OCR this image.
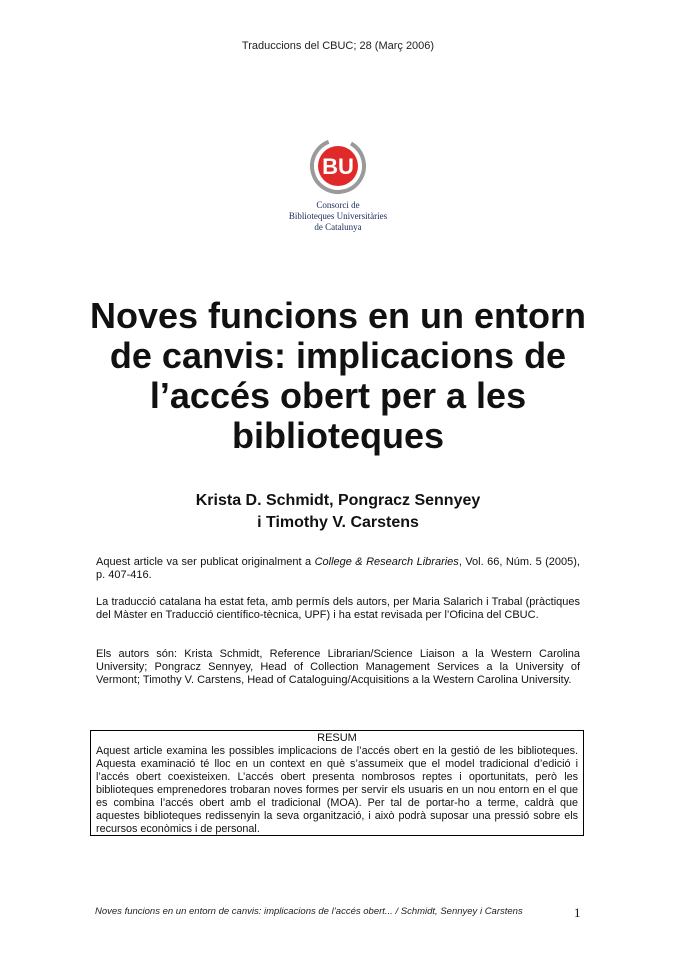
Traduccions del CBUC; 28 (Març 2006)
BU
Consorci de
Biblioteques Universitàries
de Catalunya
Noves funcions en un entorn
de canvis: implicacions de
l’accés obert per a les
biblioteques
Krista D. Schmidt, Pongracz Sennyey
i Timothy V. Carstens
Aquest article va ser publicat originalment a College & Research Libraries, Vol. 66, Núm. 5 (2005), p. 407-416.
La traducció catalana ha estat feta, amb permís dels autors, per Maria Salarich i Trabal (pràctiques del Màster en Traducció científico-tècnica, UPF) i ha estat revisada per l’Oficina del CBUC.
Els autors són: Krista Schmidt, Reference Librarian/Science Liaison a la Western Carolina University; Pongracz Sennyey, Head of Collection Management Services a la University of Vermont; Timothy V. Carstens, Head of Cataloguing/Acquisitions a la Western Carolina University.
RESUM
Aquest article examina les possibles implicacions de l’accés obert en la gestió de les biblioteques. Aquesta examinació té lloc en un context en què s’assumeix que el model tradicional d’edició i l’accés obert coexisteixen. L’accés obert presenta nombrosos reptes i oportunitats, però les biblioteques emprenedores trobaran noves formes per servir els usuaris en un nou entorn en el que es combina l’accés obert amb el tradicional (MOA). Per tal de portar-ho a terme, caldrà que aquestes biblioteques redissenyin la seva organització, i això podrà suposar una pressió sobre els recursos econòmics i de personal.
Noves funcions en un entorn de canvis: implicacions de l’accés obert... / Schmidt, Sennyey i Carstens	1
